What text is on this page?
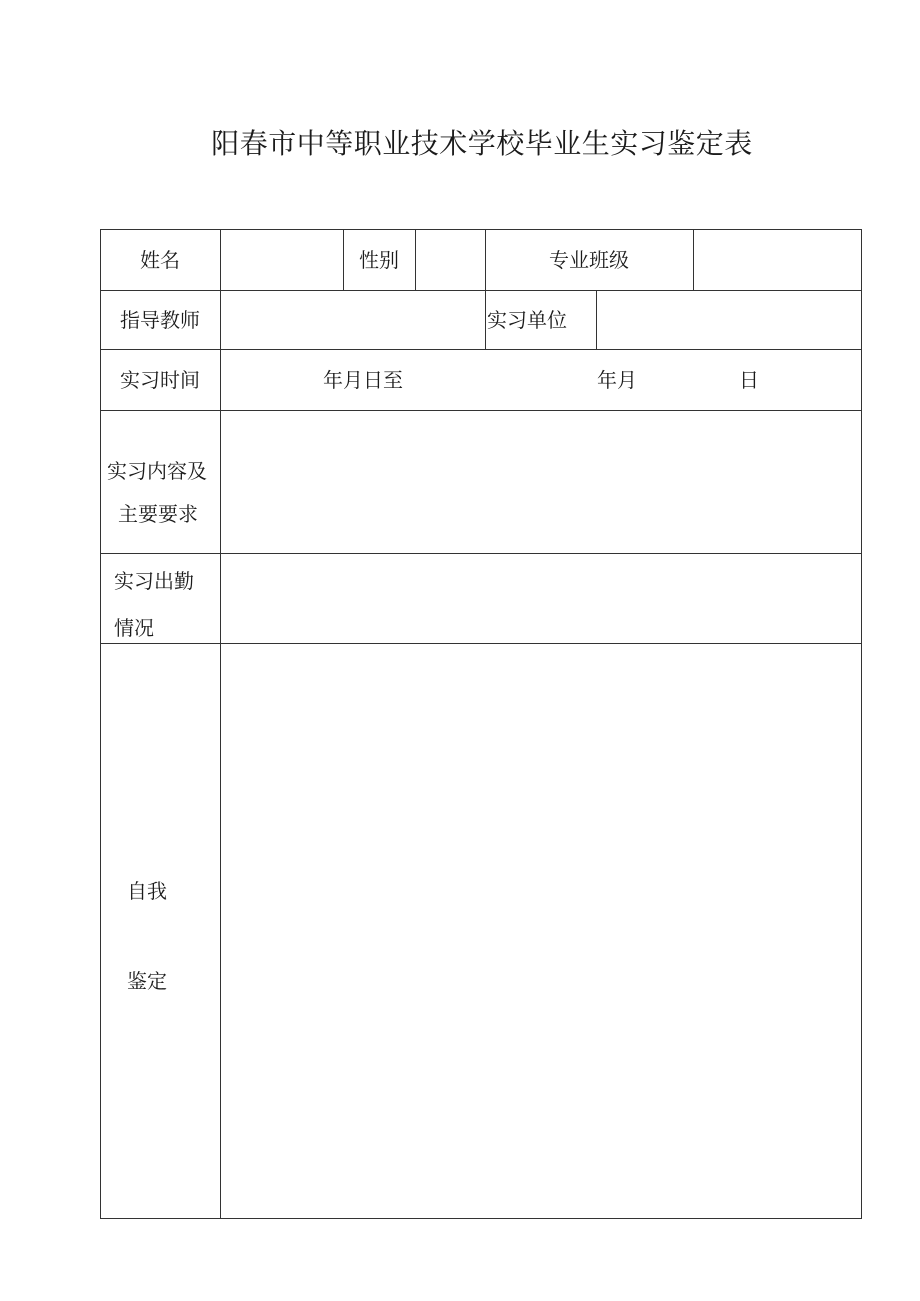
阳春市中等职业技术学校毕业生实习鉴定表
姓名	性别	专业班级
指导教师	实习单位
实习时间	年月日至	年月	日
实习内容及
主要要求
实习出勤
情况
自我
鉴定
